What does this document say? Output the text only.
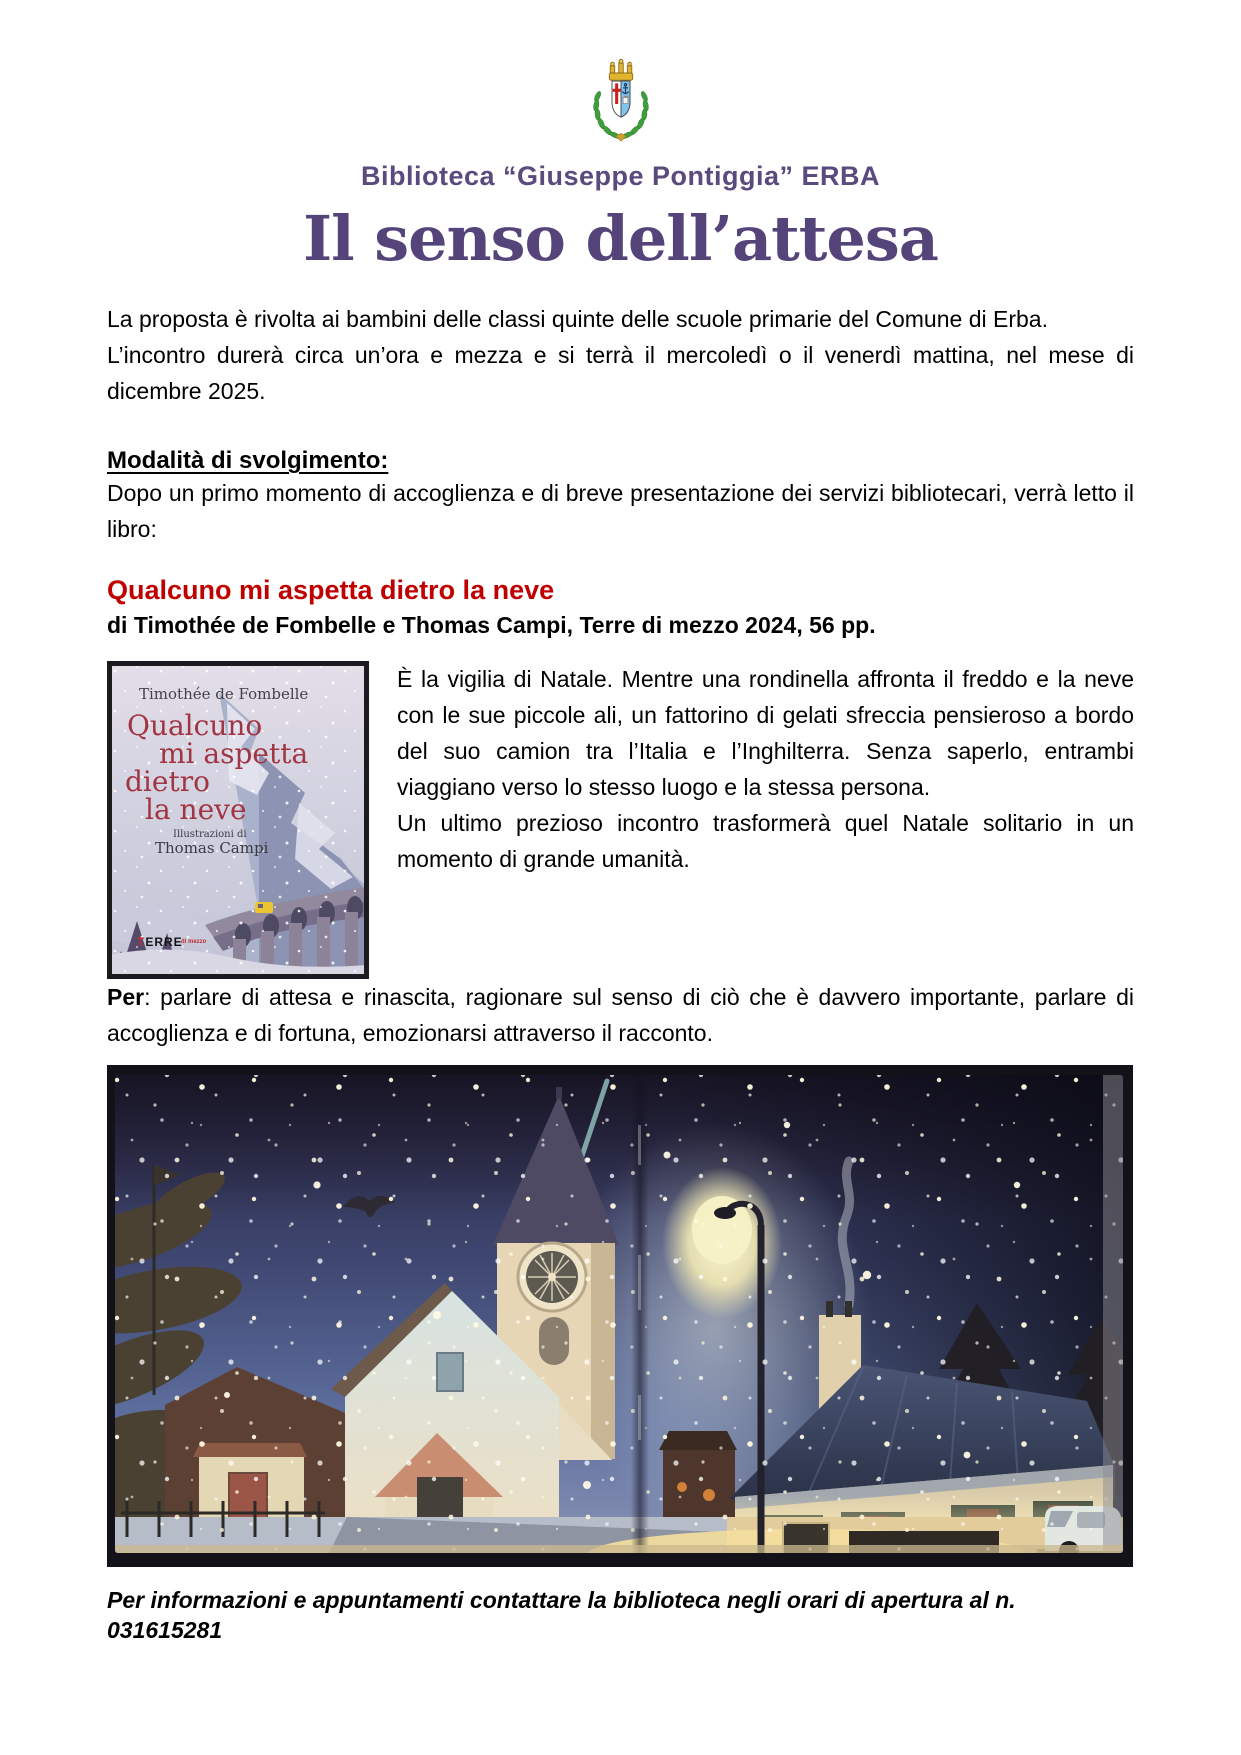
Biblioteca “Giuseppe Pontiggia” ERBA
Il senso dell’attesa

La proposta è rivolta ai bambini delle classi quinte delle scuole primarie del Comune di Erba.

L’incontro durerà circa un’ora e mezza e si terrà il mercoledì o il venerdì mattina, nel mese di dicembre 2025.

Modalità di svolgimento:

Dopo un primo momento di accoglienza e di breve presentazione dei servizi bibliotecari, verrà letto il libro:

Qualcuno mi aspetta dietro la neve
di Timothée de Fombelle e Thomas Campi, Terre di mezzo 2024, 56 pp.
Timothée de Fombelle
Qualcuno
mi aspetta
dietro
la neve
Illustrazioni di
Thomas Campi
TERRE
di mezzo

È la vigilia di Natale. Mentre una rondinella affronta il freddo e la neve con le sue piccole ali, un fattorino di gelati sfreccia pensieroso a bordo del suo camion tra l’Italia e l’Inghilterra. Senza saperlo, entrambi viaggiano verso lo stesso luogo e la stessa persona.

Un ultimo prezioso incontro trasformerà quel Natale solitario in un momento di grande umanità.

Per: parlare di attesa e rinascita, ragionare sul senso di ciò che è davvero importante, parlare di accoglienza e di fortuna, emozionarsi attraverso il racconto.

Per informazioni e appuntamenti contattare la biblioteca negli orari di apertura al n. 031615281
